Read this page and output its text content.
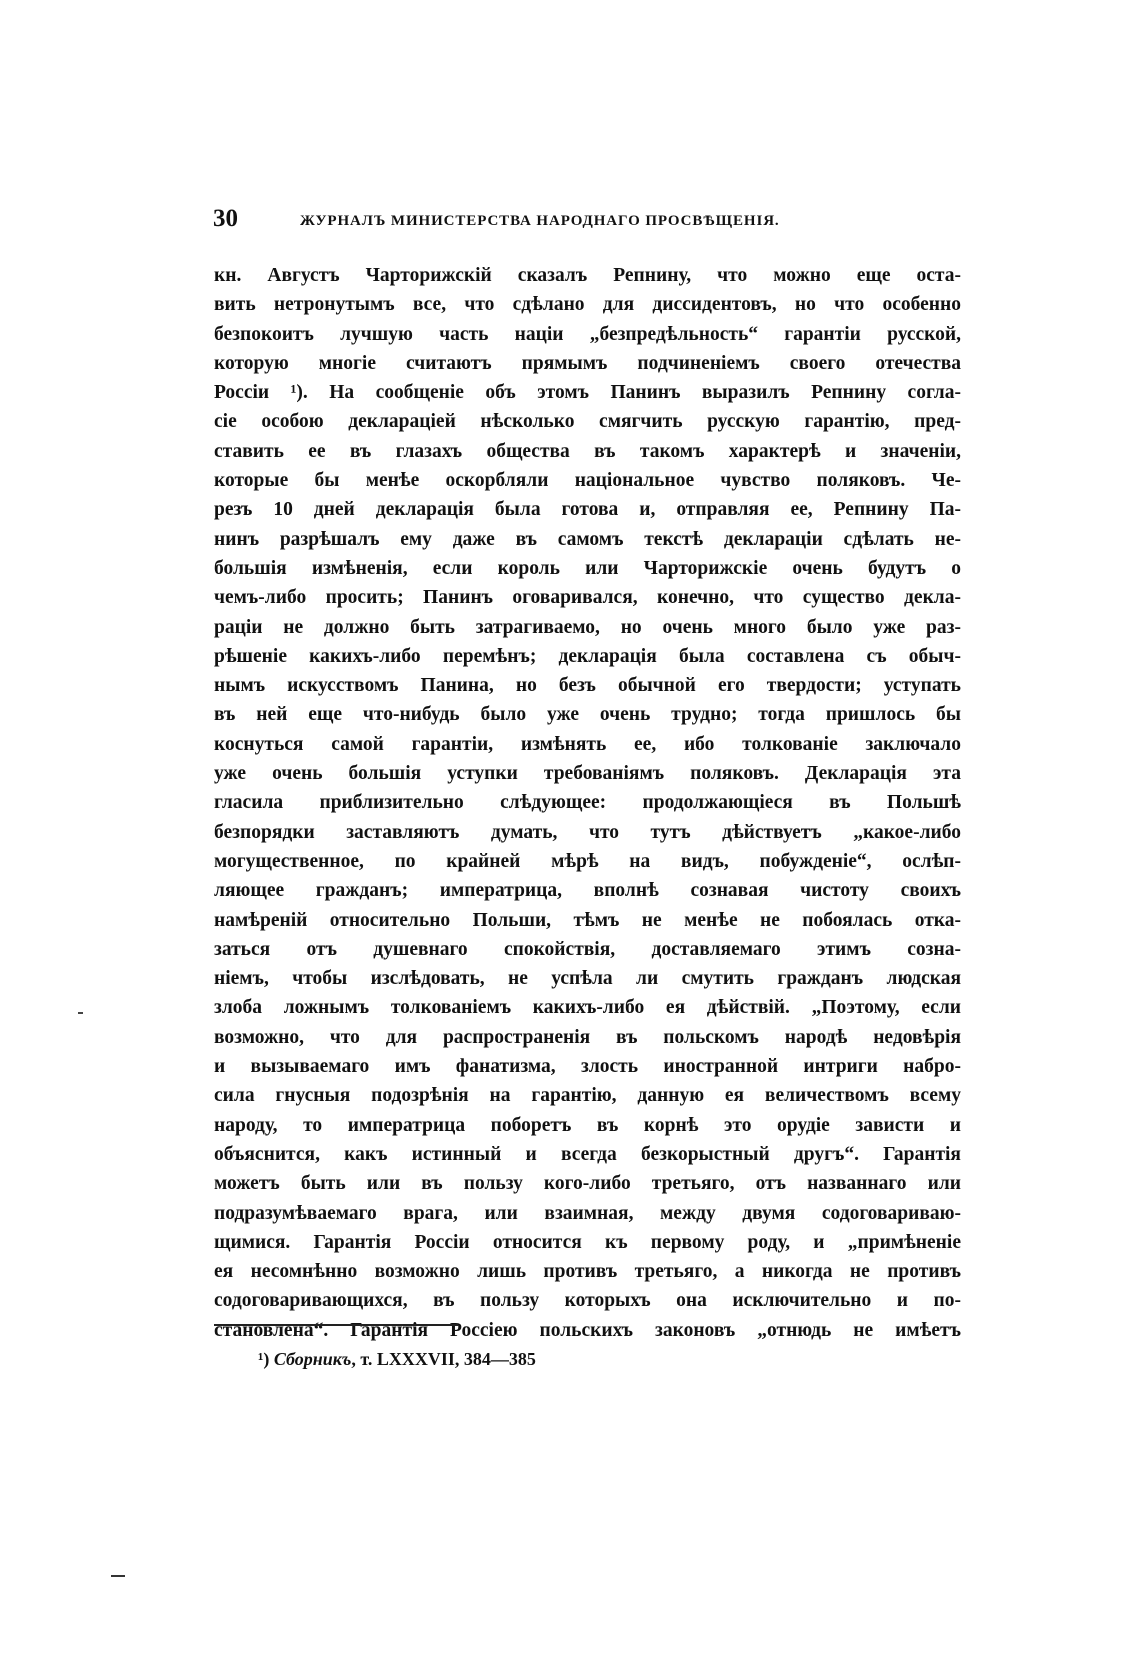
30	ЖУРНАЛЪ МИНИСТЕРСТВА НАРОДНАГО ПРОСВѢЩЕНІЯ.
кн. Августъ Чарторижскій сказалъ Репнину, что можно еще оста-
вить нетронутымъ все, что сдѣлано для диссидентовъ, но что особенно
безпокоитъ лучшую часть націи „безпредѣльность“ гарантіи русской,
которую многіе считаютъ прямымъ подчиненіемъ своего отечества
Россіи ¹). На сообщеніе объ этомъ Панинъ выразилъ Репнину согла-
сіе особою деклараціей нѣсколько смягчить русскую гарантію, пред-
ставить ее въ глазахъ общества въ такомъ характерѣ и значеніи,
которые бы менѣе оскорбляли національное чувство поляковъ. Че-
резъ 10 дней декларація была готова и, отправляя ее, Репнину Па-
нинъ разрѣшалъ ему даже въ самомъ текстѣ деклараціи сдѣлать не-
большія измѣненія, если король или Чарторижскіе очень будутъ о
чемъ-либо просить; Панинъ оговаривался, конечно, что существо декла-
раціи не должно быть затрагиваемо, но очень много было уже раз-
рѣшеніе какихъ-либо перемѣнъ; декларація была составлена съ обыч-
нымъ искусствомъ Панина, но безъ обычной его твердости; уступать
въ ней еще что-нибудь было уже очень трудно; тогда пришлось бы
коснуться самой гарантіи, измѣнять ее, ибо толкованіе заключало
уже очень большія уступки требованіямъ поляковъ. Декларація эта
гласила приблизительно слѣдующее: продолжающіеся въ Польшѣ
безпорядки заставляютъ думать, что тутъ дѣйствуетъ „какое-либо
могущественное, по крайней мѣрѣ на видъ, побужденіе“, ослѣп-
ляющее гражданъ; императрица, вполнѣ сознавая чистоту своихъ
намѣреній относительно Польши, тѣмъ не менѣе не побоялась отка-
заться отъ душевнаго спокойствія, доставляемаго этимъ созна-
ніемъ, чтобы изслѣдовать, не успѣла ли смутить гражданъ людская
злоба ложнымъ толкованіемъ какихъ-либо ея дѣйствій. „Поэтому, если
возможно, что для распространенія въ польскомъ народѣ недовѣрія
и вызываемаго имъ фанатизма, злость иностранной интриги набро-
сила гнусныя подозрѣнія на гарантію, данную ея величествомъ всему
народу, то императрица поборетъ въ корнѣ это орудіе зависти и
объяснится, какъ истинный и всегда безкорыстный другъ“. Гарантія
можетъ быть или въ пользу кого-либо третьяго, отъ названнаго или
подразумѣваемаго врага, или взаимная, между двумя содоговариваю-
щимися. Гарантія Россіи относится къ первому роду, и „примѣненіе
ея несомнѣнно возможно лишь противъ третьяго, а никогда не противъ
содоговаривающихся, въ пользу которыхъ она исключительно и по-
становлена“. Гарантія Россіею польскихъ законовъ „отнюдь не имѣетъ
¹) Сборникъ, т. LXXXVII, 384—385
